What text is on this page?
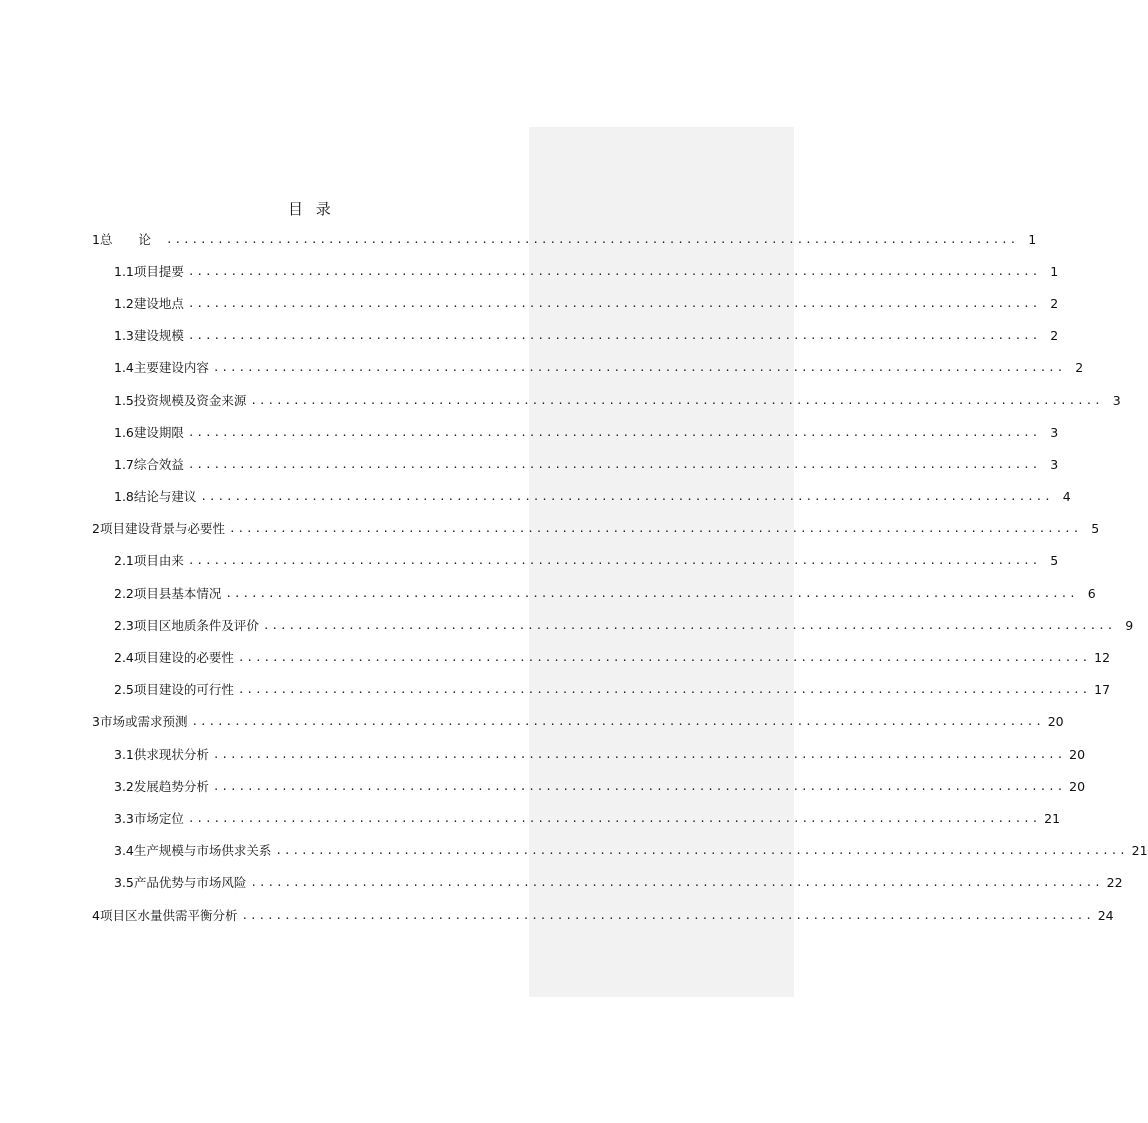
目 录
1 总 论 .................................................................................................... 1
1.1 项目提要 .................................................................................................... 1
1.2 建设地点 .................................................................................................... 2
1.3 建设规模 .................................................................................................... 2
1.4 主要建设内容 .................................................................................................... 2
1.5 投资规模及资金来源 .................................................................................................... 3
1.6 建设期限 .................................................................................................... 3
1.7 综合效益 .................................................................................................... 3
1.8 结论与建议 .................................................................................................... 4
2 项目建设背景与必要性 .................................................................................................... 5
2.1 项目由来 .................................................................................................... 5
2.2 项目县基本情况 .................................................................................................... 6
2.3 项目区地质条件及评价 .................................................................................................... 9
2.4 项目建设的必要性 .................................................................................................... 12
2.5 项目建设的可行性 .................................................................................................... 17
3 市场或需求预测 .................................................................................................... 20
3.1 供求现状分析 .................................................................................................... 20
3.2 发展趋势分析 .................................................................................................... 20
3.3 市场定位 .................................................................................................... 21
3.4 生产规模与市场供求关系 .................................................................................................... 21
3.5 产品优势与市场风险 .................................................................................................... 22
4 项目区水量供需平衡分析 .................................................................................................... 24
